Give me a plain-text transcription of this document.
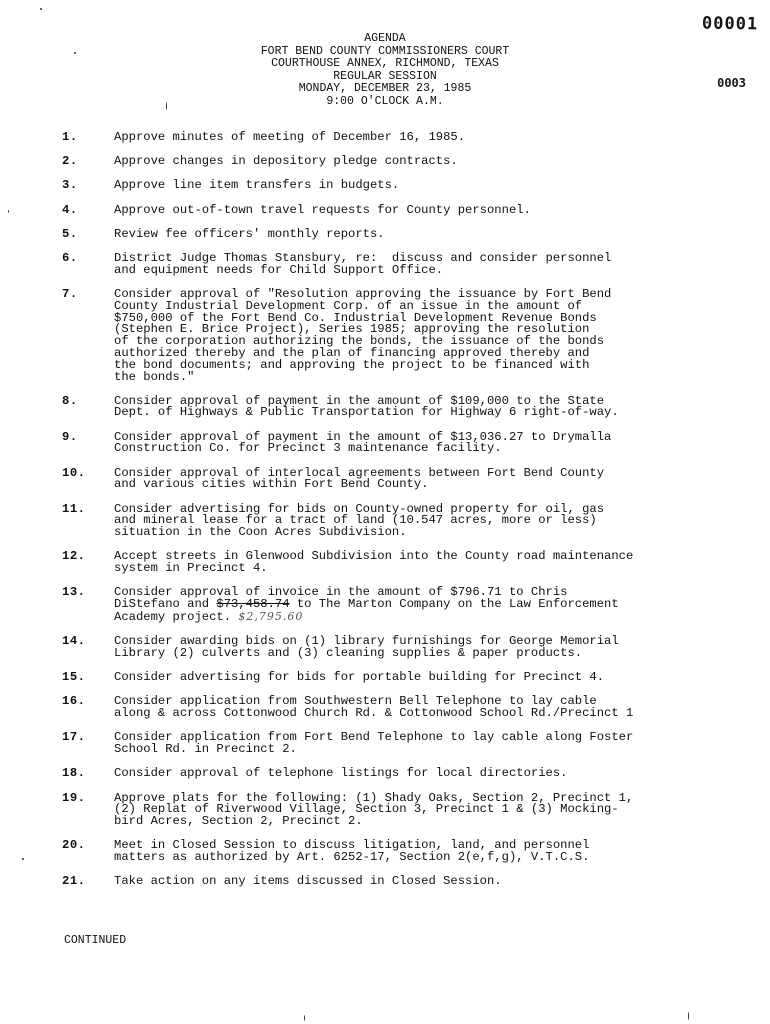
00001
0003
AGENDA
FORT BEND COUNTY COMMISSIONERS COURT
COURTHOUSE ANNEX, RICHMOND, TEXAS
REGULAR SESSION
MONDAY, DECEMBER 23, 1985
9:00 O'CLOCK A.M.
1.	Approve minutes of meeting of December 16, 1985.
2.	Approve changes in depository pledge contracts.
3.	Approve line item transfers in budgets.
4.	Approve out-of-town travel requests for County personnel.
5.	Review fee officers' monthly reports.
6.	District Judge Thomas Stansbury, re:  discuss and consider personnel
and equipment needs for Child Support Office.
7.	Consider approval of "Resolution approving the issuance by Fort Bend
County Industrial Development Corp. of an issue in the amount of
$750,000 of the Fort Bend Co. Industrial Development Revenue Bonds
(Stephen E. Brice Project), Series 1985; approving the resolution
of the corporation authorizing the bonds, the issuance of the bonds
authorized thereby and the plan of financing approved thereby and
the bond documents; and approving the project to be financed with
the bonds."
8.	Consider approval of payment in the amount of $109,000 to the State
Dept. of Highways & Public Transportation for Highway 6 right-of-way.
9.	Consider approval of payment in the amount of $13,036.27 to Drymalla
Construction Co. for Precinct 3 maintenance facility.
10.	Consider approval of interlocal agreements between Fort Bend County
and various cities within Fort Bend County.
11.	Consider advertising for bids on County-owned property for oil, gas
and mineral lease for a tract of land (10.547 acres, more or less)
situation in the Coon Acres Subdivision.
12.	Accept streets in Glenwood Subdivision into the County road maintenance
system in Precinct 4.
13.	Consider approval of invoice in the amount of $796.71 to Chris
DiStefano and $73,458.74 to The Marton Company on the Law Enforcement
Academy project. $2,795.60
14.	Consider awarding bids on (1) library furnishings for George Memorial
Library (2) culverts and (3) cleaning supplies & paper products.
15.	Consider advertising for bids for portable building for Precinct 4.
16.	Consider application from Southwestern Bell Telephone to lay cable
along & across Cottonwood Church Rd. & Cottonwood School Rd./Precinct 1
17.	Consider application from Fort Bend Telephone to lay cable along Foster
School Rd. in Precinct 2.
18.	Consider approval of telephone listings for local directories.
19.	Approve plats for the following: (1) Shady Oaks, Section 2, Precinct 1,
(2) Replat of Riverwood Village, Section 3, Precinct 1 & (3) Mocking-
bird Acres, Section 2, Precinct 2.
20.	Meet in Closed Session to discuss litigation, land, and personnel
matters as authorized by Art. 6252-17, Section 2(e,f,g), V.T.C.S.
21.	Take action on any items discussed in Closed Session.
CONTINUED
